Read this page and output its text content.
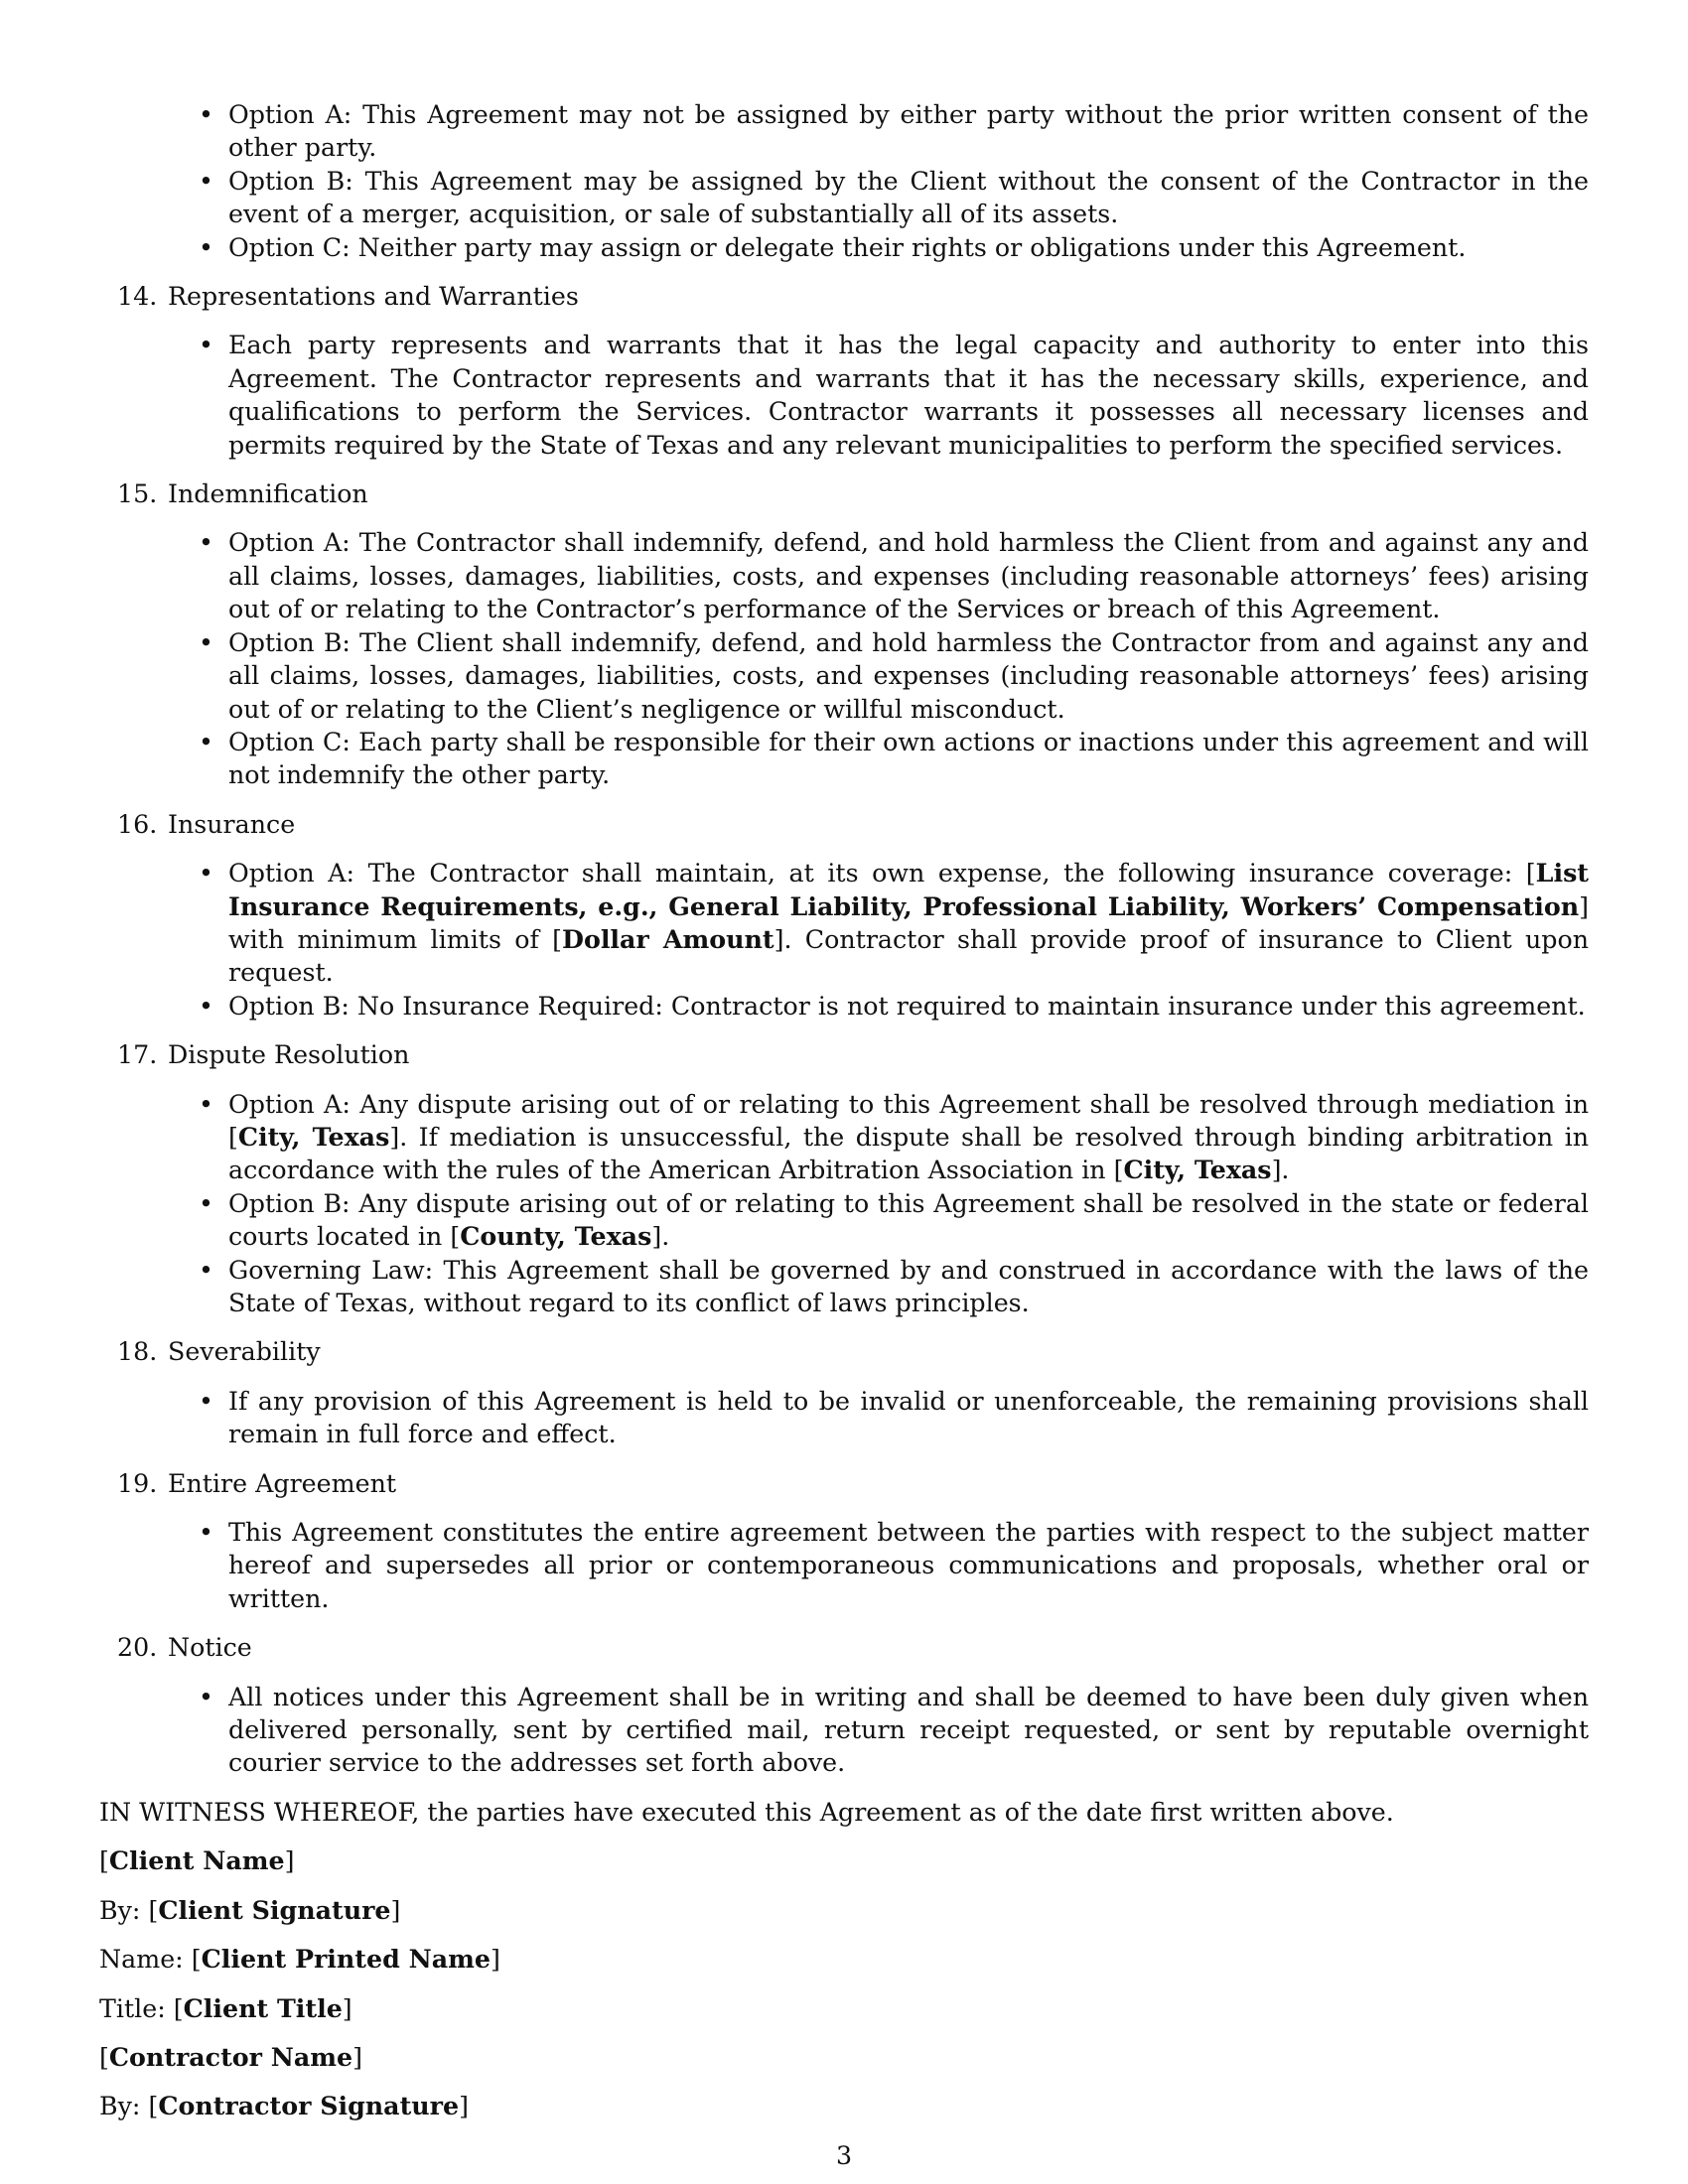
• Option A: This Agreement may not be assigned by either party without the prior written consent of the other party.
• Option B: This Agreement may be assigned by the Client without the consent of the Contractor in the event of a merger, acquisition, or sale of substantially all of its assets.
• Option C: Neither party may assign or delegate their rights or obligations under this Agreement.
14. Representations and Warranties
• Each party represents and warrants that it has the legal capacity and authority to enter into this Agreement. The Contractor represents and warrants that it has the necessary skills, experience, and qualifications to perform the Services. Contractor warrants it possesses all necessary licenses and permits required by the State of Texas and any relevant municipalities to perform the specified services.
15. Indemnification
• Option A: The Contractor shall indemnify, defend, and hold harmless the Client from and against any and all claims, losses, damages, liabilities, costs, and expenses (including reasonable attorneys’ fees) arising out of or relating to the Contractor’s performance of the Services or breach of this Agreement.
• Option B: The Client shall indemnify, defend, and hold harmless the Contractor from and against any and all claims, losses, damages, liabilities, costs, and expenses (including reasonable attorneys’ fees) arising out of or relating to the Client’s negligence or willful misconduct.
• Option C: Each party shall be responsible for their own actions or inactions under this agreement and will not indemnify the other party.
16. Insurance
• Option A: The Contractor shall maintain, at its own expense, the following insurance coverage: [List Insurance Requirements, e.g., General Liability, Professional Liability, Workers’ Compensation] with minimum limits of [Dollar Amount]. Contractor shall provide proof of insurance to Client upon request.
• Option B: No Insurance Required: Contractor is not required to maintain insurance under this agreement.
17. Dispute Resolution
• Option A: Any dispute arising out of or relating to this Agreement shall be resolved through mediation in [City, Texas]. If mediation is unsuccessful, the dispute shall be resolved through binding arbitration in accordance with the rules of the American Arbitration Association in [City, Texas].
• Option B: Any dispute arising out of or relating to this Agreement shall be resolved in the state or federal courts located in [County, Texas].
• Governing Law: This Agreement shall be governed by and construed in accordance with the laws of the State of Texas, without regard to its conflict of laws principles.
18. Severability
• If any provision of this Agreement is held to be invalid or unenforceable, the remaining provisions shall remain in full force and effect.
19. Entire Agreement
• This Agreement constitutes the entire agreement between the parties with respect to the subject matter hereof and supersedes all prior or contemporaneous communications and proposals, whether oral or written.
20. Notice
• All notices under this Agreement shall be in writing and shall be deemed to have been duly given when delivered personally, sent by certified mail, return receipt requested, or sent by reputable overnight courier service to the addresses set forth above.
IN WITNESS WHEREOF, the parties have executed this Agreement as of the date first written above.
[Client Name]
By: [Client Signature]
Name: [Client Printed Name]
Title: [Client Title]
[Contractor Name]
By: [Contractor Signature]
3
